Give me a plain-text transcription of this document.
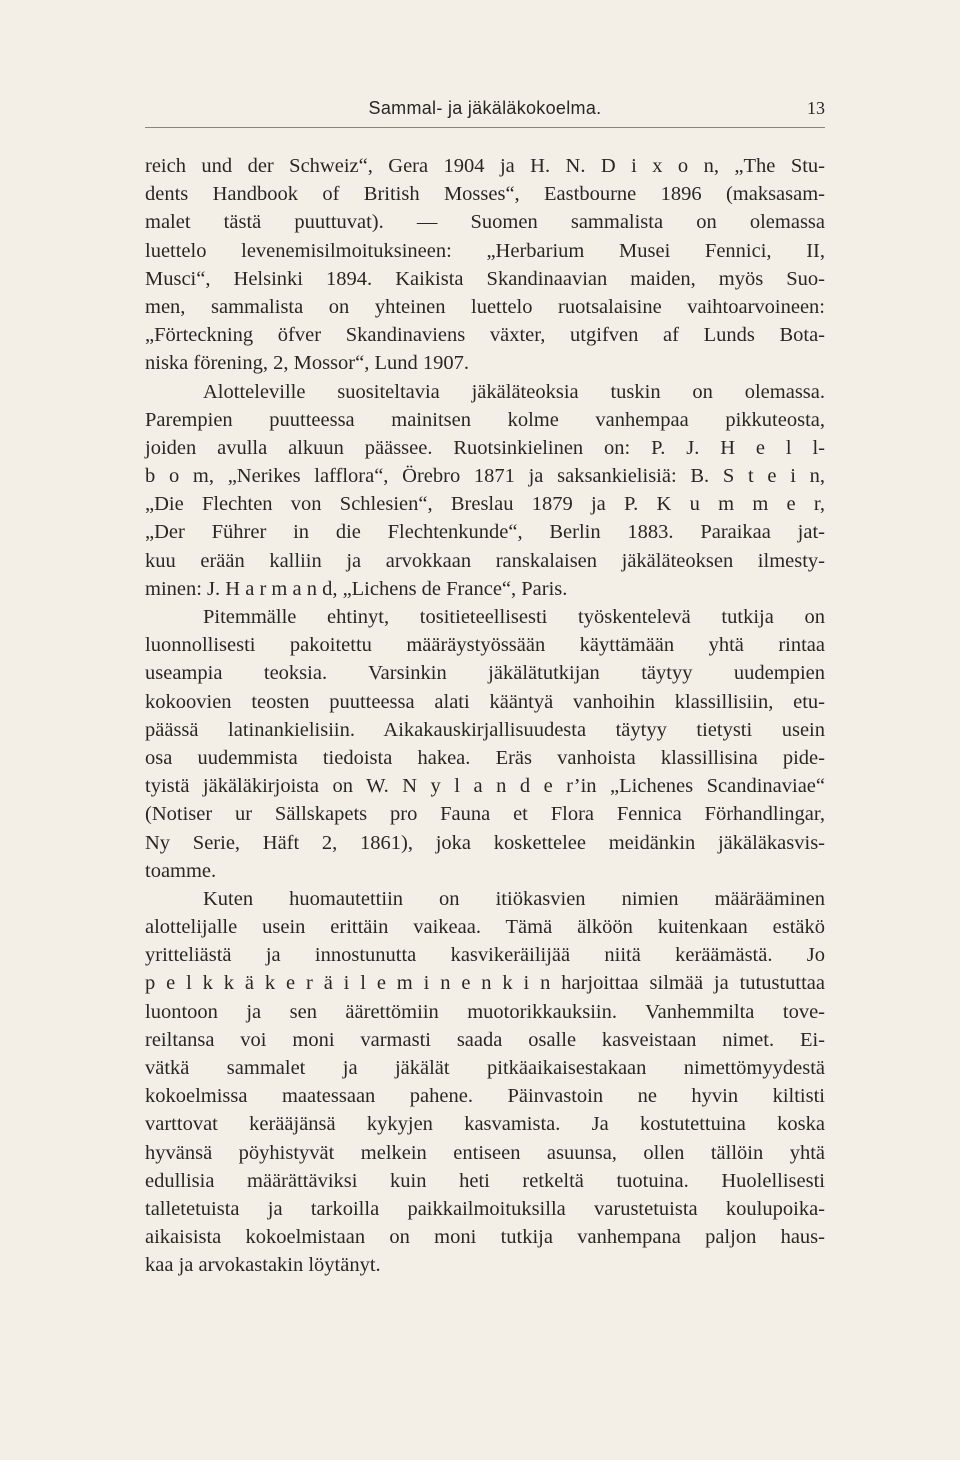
Sammal- ja jäkäläkokoelma.	13
reich und der Schweiz“, Gera 1904 ja H. N. D i x o n, „The Stu-
dents Handbook of British Mosses“, Eastbourne 1896 (maksasam-
malet tästä puuttuvat). — Suomen sammalista on olemassa
luettelo levenemisilmoituksineen: „Herbarium Musei Fennici, II,
Musci“, Helsinki 1894. Kaikista Skandinaavian maiden, myös Suo-
men, sammalista on yhteinen luettelo ruotsalaisine vaihtoarvoineen:
„Förteckning öfver Skandinaviens växter, utgifven af Lunds Bota-
niska förening, 2, Mossor“, Lund 1907.
Alotteleville suositeltavia jäkäläteoksia tuskin on olemassa.
Parempien puutteessa mainitsen kolme vanhempaa pikkuteosta,
joiden avulla alkuun päässee. Ruotsinkielinen on: P. J. H e l l-
b o m, „Nerikes lafflora“, Örebro 1871 ja saksankielisiä: B. S t e i n,
„Die Flechten von Schlesien“, Breslau 1879 ja P. K u m m e r,
„Der Führer in die Flechtenkunde“, Berlin 1883. Paraikaa jat-
kuu erään kalliin ja arvokkaan ranskalaisen jäkäläteoksen ilmesty-
minen: J. H a r m a n d, „Lichens de France“, Paris.
Pitemmälle ehtinyt, tositieteellisesti työskentelevä tutkija on
luonnollisesti pakoitettu määräystyössään käyttämään yhtä rintaa
useampia teoksia. Varsinkin jäkälätutkijan täytyy uudempien
kokoovien teosten puutteessa alati kääntyä vanhoihin klassillisiin, etu-
päässä latinankielisiin. Aikakauskirjallisuudesta täytyy tietysti usein
osa uudemmista tiedoista hakea. Eräs vanhoista klassillisina pide-
tyistä jäkäläkirjoista on W. N y l a n d e r’in „Lichenes Scandinaviae“
(Notiser ur Sällskapets pro Fauna et Flora Fennica Förhandlingar,
Ny Serie, Häft 2, 1861), joka koskettelee meidänkin jäkäläkasvis-
toamme.
Kuten huomautettiin on itiökasvien nimien määrääminen
alottelijalle usein erittäin vaikeaa. Tämä älköön kuitenkaan estäkö
yritteliästä ja innostunutta kasvikeräilijää niitä keräämästä. Jo
p e l k k ä k e r ä i l e m i n e n k i n harjoittaa silmää ja tutustuttaa
luontoon ja sen äärettömiin muotorikkauksiin. Vanhemmilta tove-
reiltansa voi moni varmasti saada osalle kasveistaan nimet. Ei-
vätkä sammalet ja jäkälät pitkäaikaisestakaan nimettömyydestä
kokoelmissa maatessaan pahene. Päinvastoin ne hyvin kiltisti
varttovat kerääjänsä kykyjen kasvamista. Ja kostutettuina koska
hyvänsä pöyhistyvät melkein entiseen asuunsa, ollen tällöin yhtä
edullisia määrättäviksi kuin heti retkeltä tuotuina. Huolellisesti
talletetuista ja tarkoilla paikkailmoituksilla varustetuista koulupoika-
aikaisista kokoelmistaan on moni tutkija vanhempana paljon haus-
kaa ja arvokastakin löytänyt.
